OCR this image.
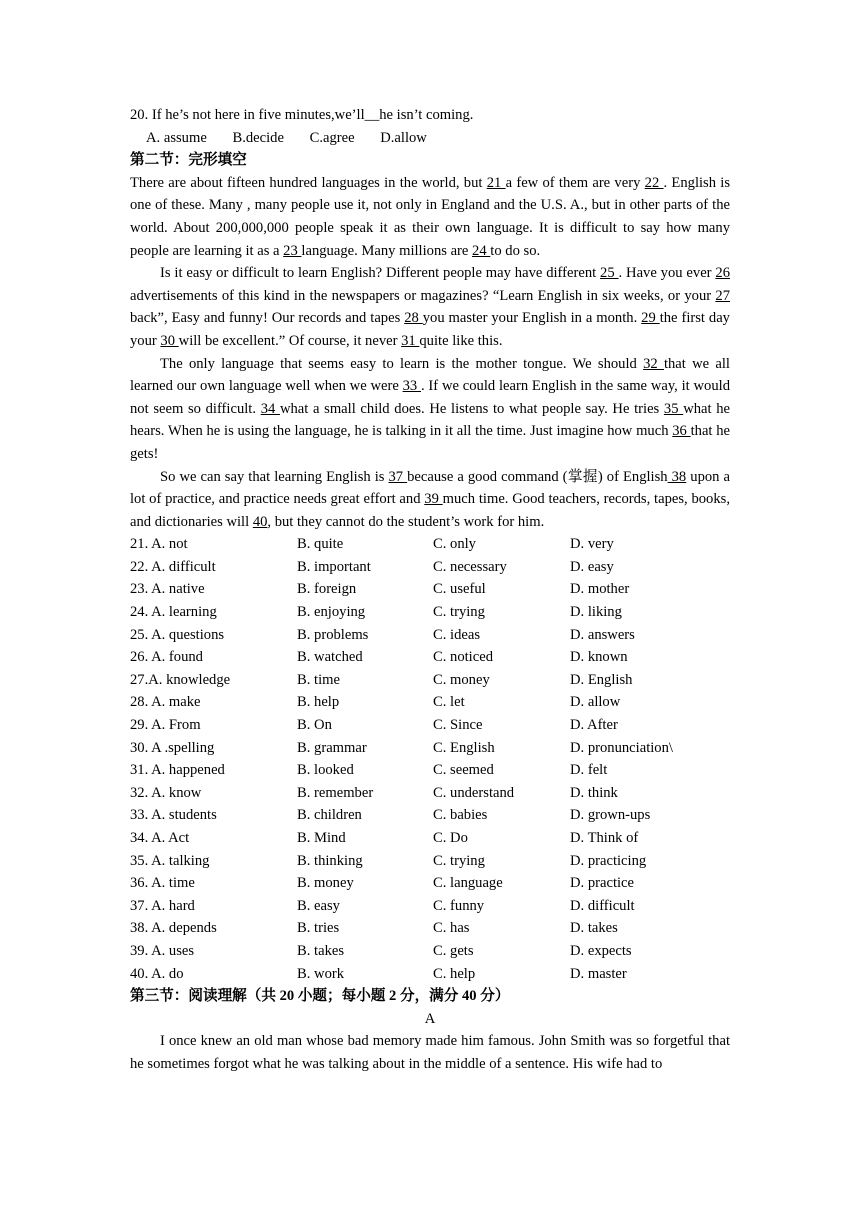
20. If he’s not here in five minutes,we’ll__he isn’t coming.
A. assume B.decide C.agree D.allow
第二节：完形填空
There are about fifteen hundred languages in the world, but 21 a few of them are very 22 . English is one of these. Many , many people use it, not only in England and the U.S. A., but in other parts of the world. About 200,000,000 people speak it as their own language. It is difficult to say how many people are learning it as a 23 language. Many millions are 24 to do so.
Is it easy or difficult to learn English? Different people may have different 25 . Have you ever 26 advertisements of this kind in the newspapers or magazines? “Learn English in six weeks, or your 27 back”, Easy and funny! Our records and tapes 28 you master your English in a month. 29 the first day your 30 will be excellent.” Of course, it never 31 quite like this.
The only language that seems easy to learn is the mother tongue. We should 32 that we all learned our own language well when we were 33 . If we could learn English in the same way, it would not seem so difficult. 34 what a small child does. He listens to what people say. He tries 35 what he hears. When he is using the language, he is talking in it all the time. Just imagine how much 36 that he gets!
So we can say that learning English is 37 because a good command (掌握) of English 38 upon a lot of practice, and practice needs great effort and 39 much time. Good teachers, records, tapes, books, and dictionaries will 40, but they cannot do the student’s work for him.
21. A. not	B. quite	C. only	D. very
22. A. difficult	B. important	C. necessary	D. easy
23. A. native	B. foreign	C. useful	D. mother
24. A. learning	B. enjoying	C. trying	D. liking
25. A. questions	B. problems	C. ideas	D. answers
26. A. found	B. watched	C. noticed	D. known
27.A. knowledge	B. time	C. money	D. English
28. A. make	B. help	C. let	D. allow
29. A. From	B. On	C. Since	D. After
30. A .spelling	B. grammar	C. English	D. pronunciation\
31. A. happened	B. looked	C. seemed	D. felt
32. A. know	B. remember	C. understand	D. think
33. A. students	B. children	C. babies	D. grown-ups
34. A. Act	B. Mind	C. Do	D. Think of
35. A. talking	B. thinking	C. trying	D. practicing
36. A. time	B. money	C. language	D. practice
37. A. hard	B. easy	C. funny	D. difficult
38. A. depends	B. tries	C. has	D. takes
39. A. uses	B. takes	C. gets	D. expects
40. A. do	B. work	C. help	D. master
第三节：阅读理解（共 20 小题；每小题 2 分，满分 40 分）
A
I once knew an old man whose bad memory made him famous. John Smith was so forgetful that he sometimes forgot what he was talking about in the middle of a sentence. His wife had to
